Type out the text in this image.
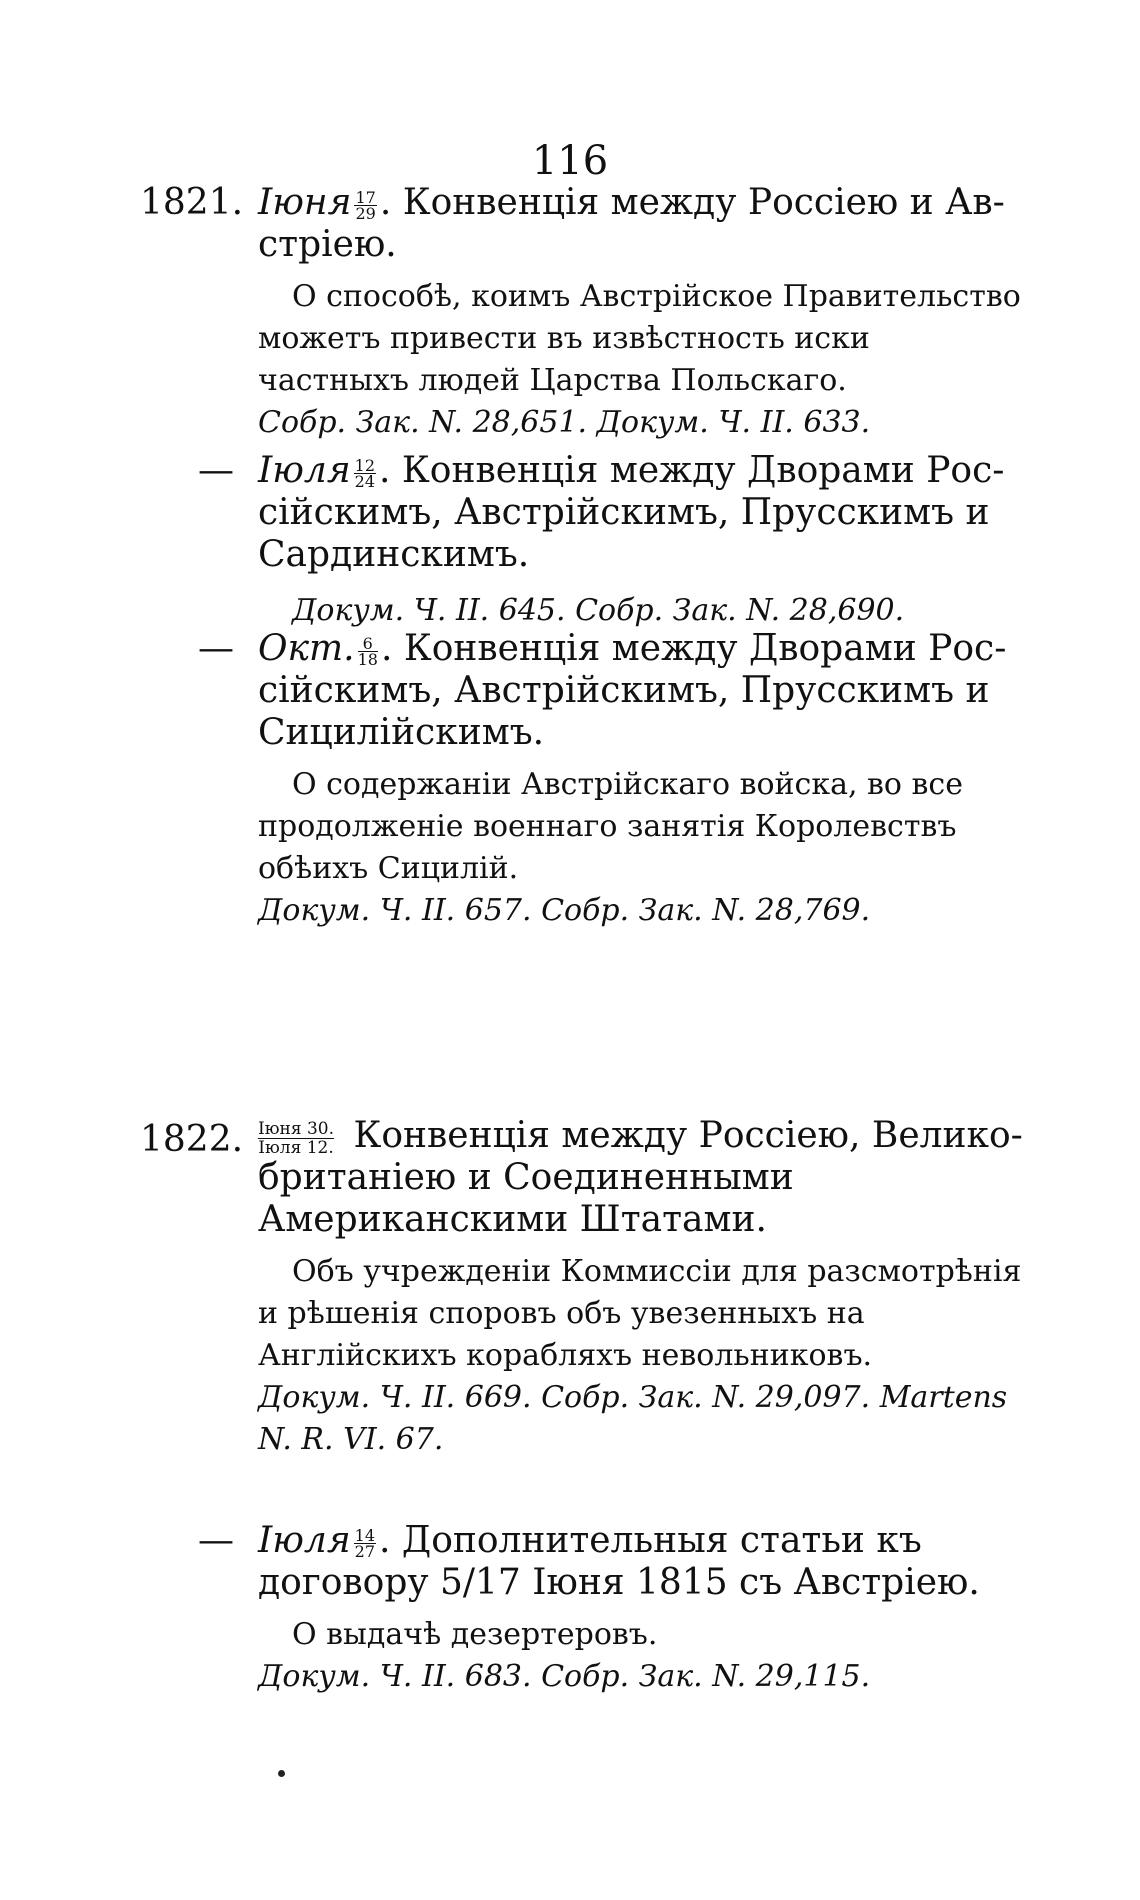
116
1821. Іюня $\frac{17}{29}$ . Конвенція между Россіею и Ав-
стріею.
О способѣ, коимъ Австрійское Правительство можетъ привести въ извѣстность иски частныхъ людей Царства Польскаго.
Собр. Зак. N. 28,651. Докум. Ч. II. 633.
— Іюля $\frac{12}{24}$ . Конвенція между Дворами Рос-
сійскимъ, Австрійскимъ, Прусскимъ и Сардинскимъ.
Докум. Ч. II. 645. Собр. Зак. N. 28,690.
— Окт. $\frac{6}{18}$ . Конвенція между Дворами Рос-
сійскимъ, Австрійскимъ, Прусскимъ и Сицилійскимъ.
О содержаніи Австрійскаго войска, во все продолженіе военнаго занятія Королевствъ обѣихъ Сицилій.
Докум. Ч. II. 657. Собр. Зак. N. 28,769.
1822. Іюня 30.
Іюля 12. Конвенція между Россіею, Велико-
британіею и Соединенными Американскими Штатами.
Объ учрежденіи Коммиссіи для разсмотрѣнія и рѣшенія споровъ объ увезенныхъ на Англійскихъ корабляхъ невольниковъ.
Докум. Ч. II. 669. Собр. Зак. N. 29,097. Martens N. R. VI. 67.
— Іюля $\frac{14}{27}$ . Дополнительныя статьи къ
договору 5/17 Іюня 1815 съ Австріею.
О выдачѣ дезертеровъ.
Докум. Ч. II. 683. Собр. Зак. N. 29,115.
